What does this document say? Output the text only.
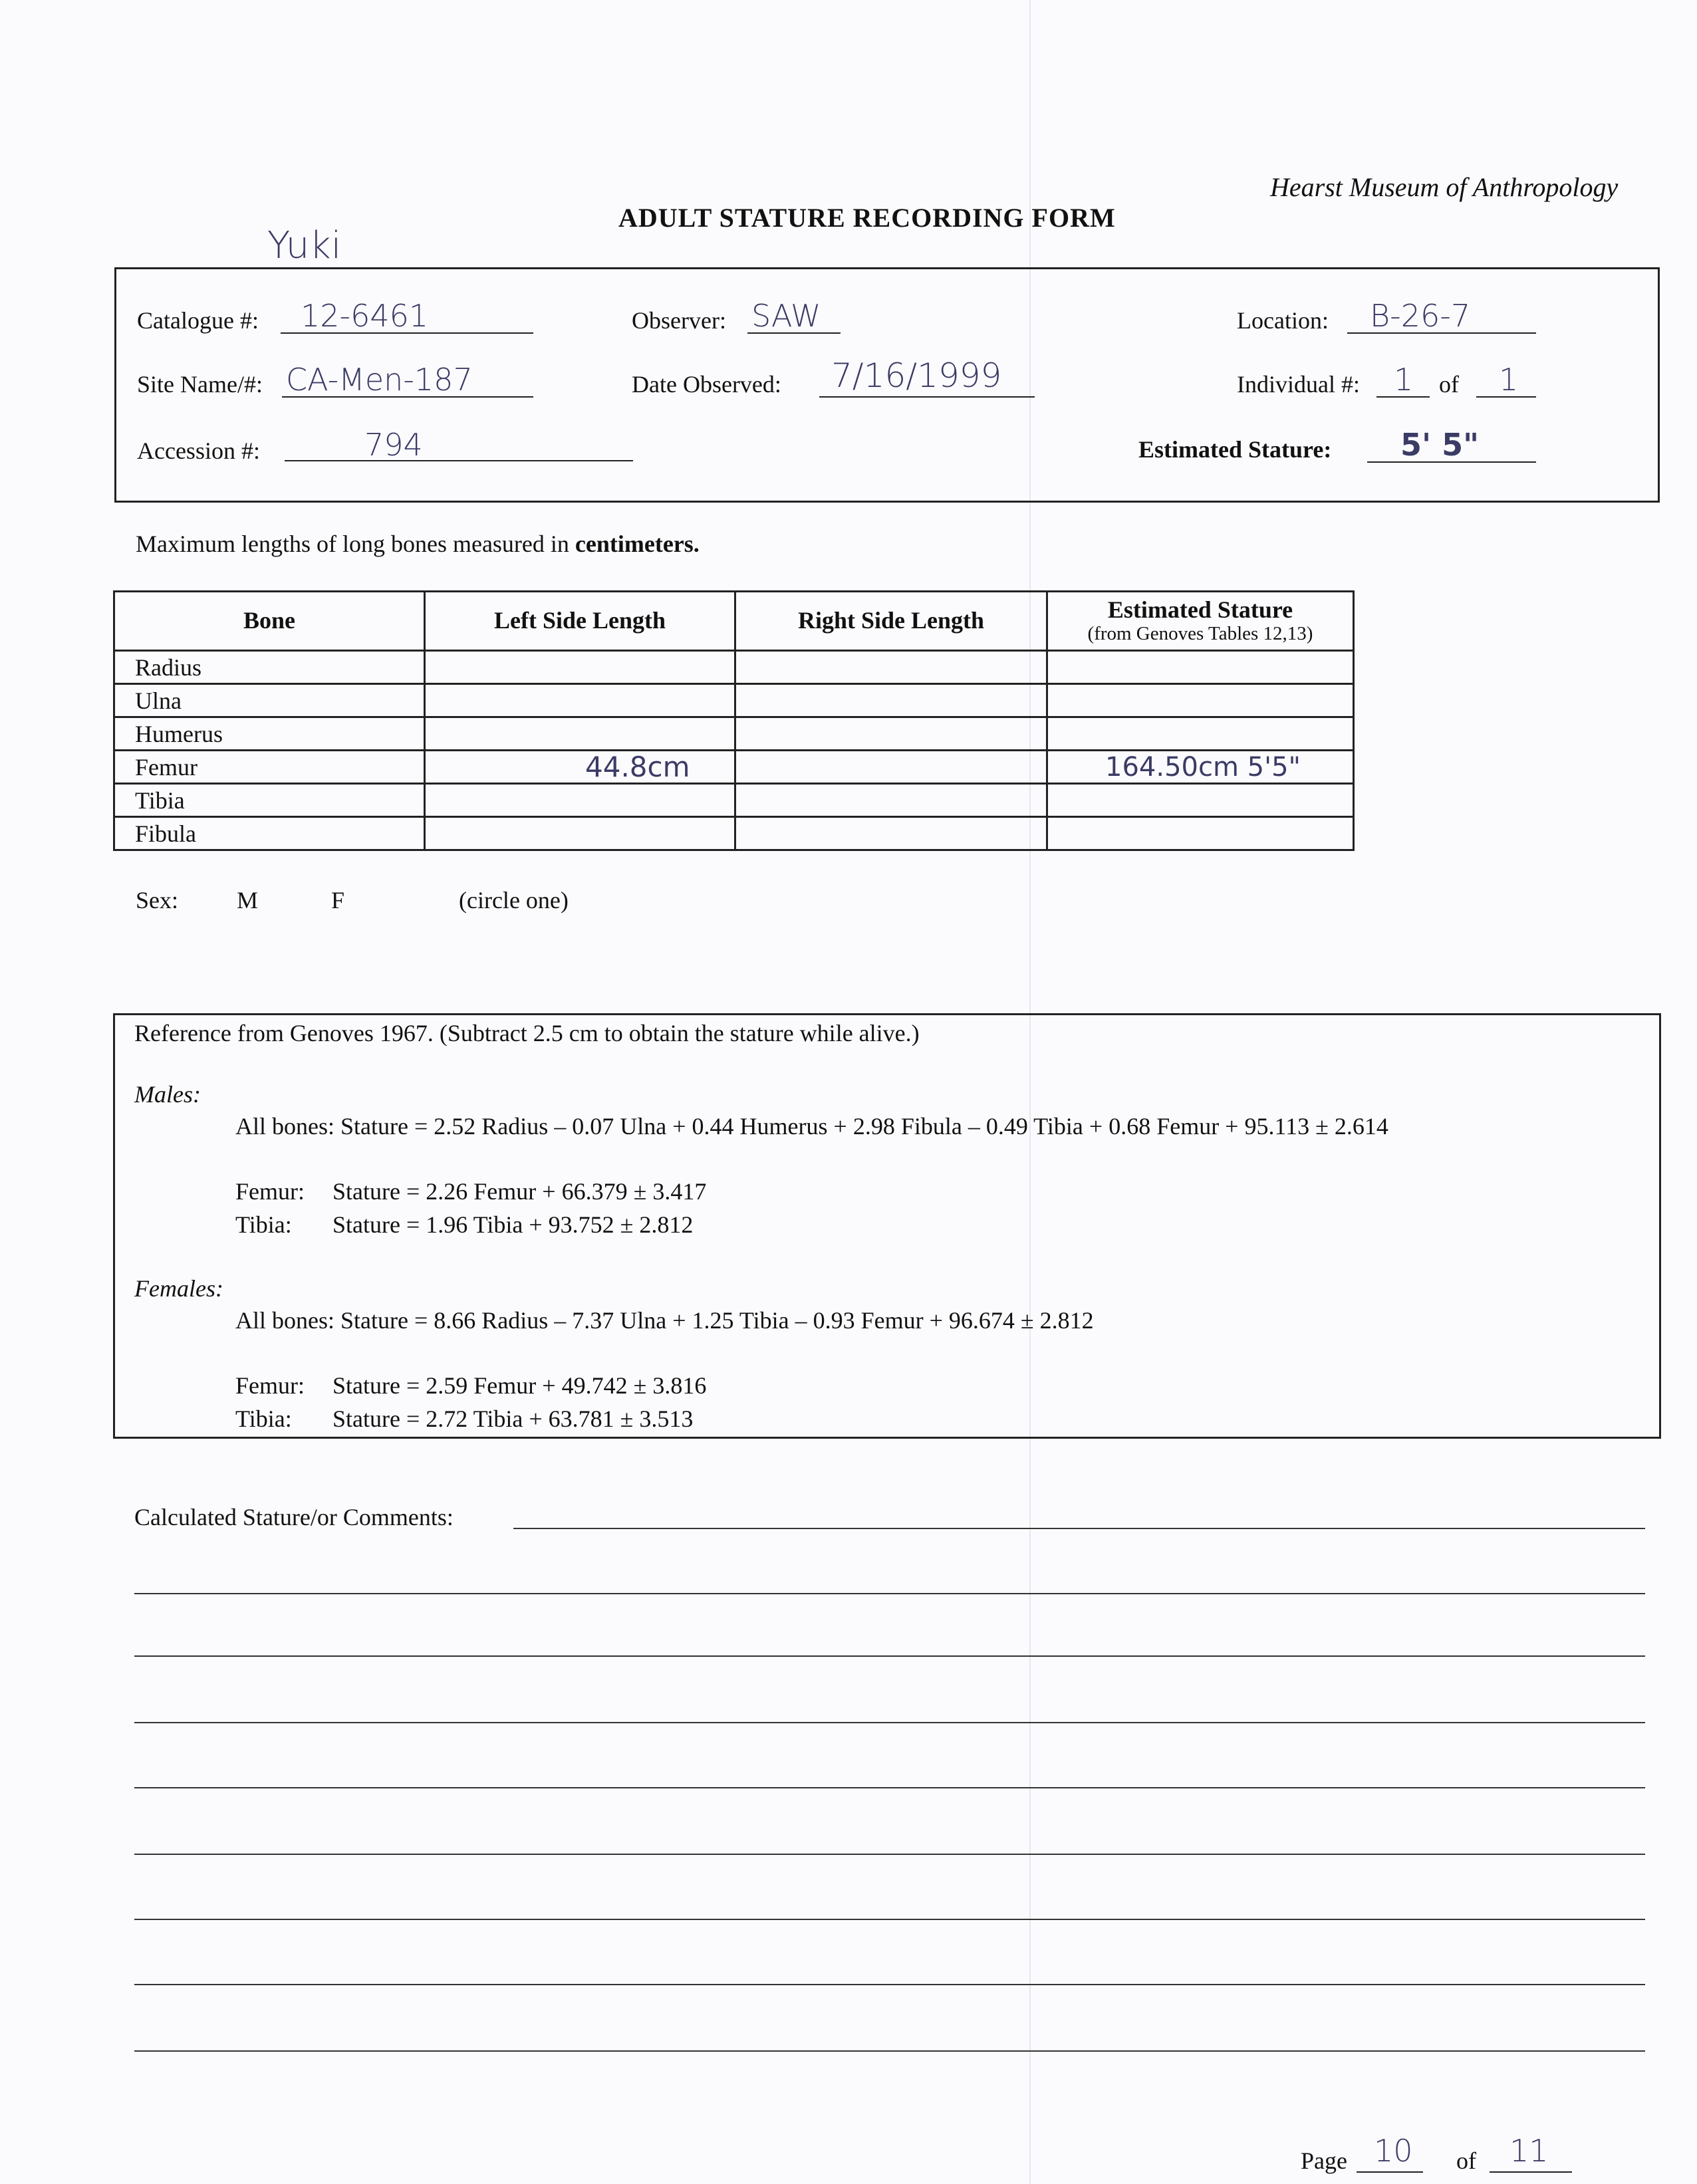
Hearst Museum of Anthropology
ADULT STATURE RECORDING FORM
Yuki
Catalogue #: 12-6461	Observer: SAW	Location: B-26-7
Site Name/#: CA-Men-187	Date Observed: 7/16/1999	Individual #: 1 of 1
Accession #:	794	Estimated Stature: 5' 5"
Maximum lengths of long bones measured in centimeters.
Bone	Left Side Length	Right Side Length	Estimated Stature
(from Genoves Tables 12,13)

Radius			
Ulna			
Humerus			
Femur	44.8cm		164.50cm 5'5"
Tibia			
Fibula			
Sex: M	F	(circle one)
Reference from Genoves 1967. (Subtract 2.5 cm to obtain the stature while alive.)
Males:
All bones: Stature = 2.52 Radius – 0.07 Ulna + 0.44 Humerus + 2.98 Fibula – 0.49 Tibia + 0.68 Femur + 95.113 ± 2.614
Femur: Stature = 2.26 Femur + 66.379 ± 3.417
Tibia: Stature = 1.96 Tibia + 93.752 ± 2.812
Females:
All bones: Stature = 8.66 Radius – 7.37 Ulna + 1.25 Tibia – 0.93 Femur + 96.674 ± 2.812
Femur: Stature = 2.59 Femur + 49.742 ± 3.816
Tibia: Stature = 2.72 Tibia + 63.781 ± 3.513
Calculated Stature/or Comments:
Page 10 of 11
